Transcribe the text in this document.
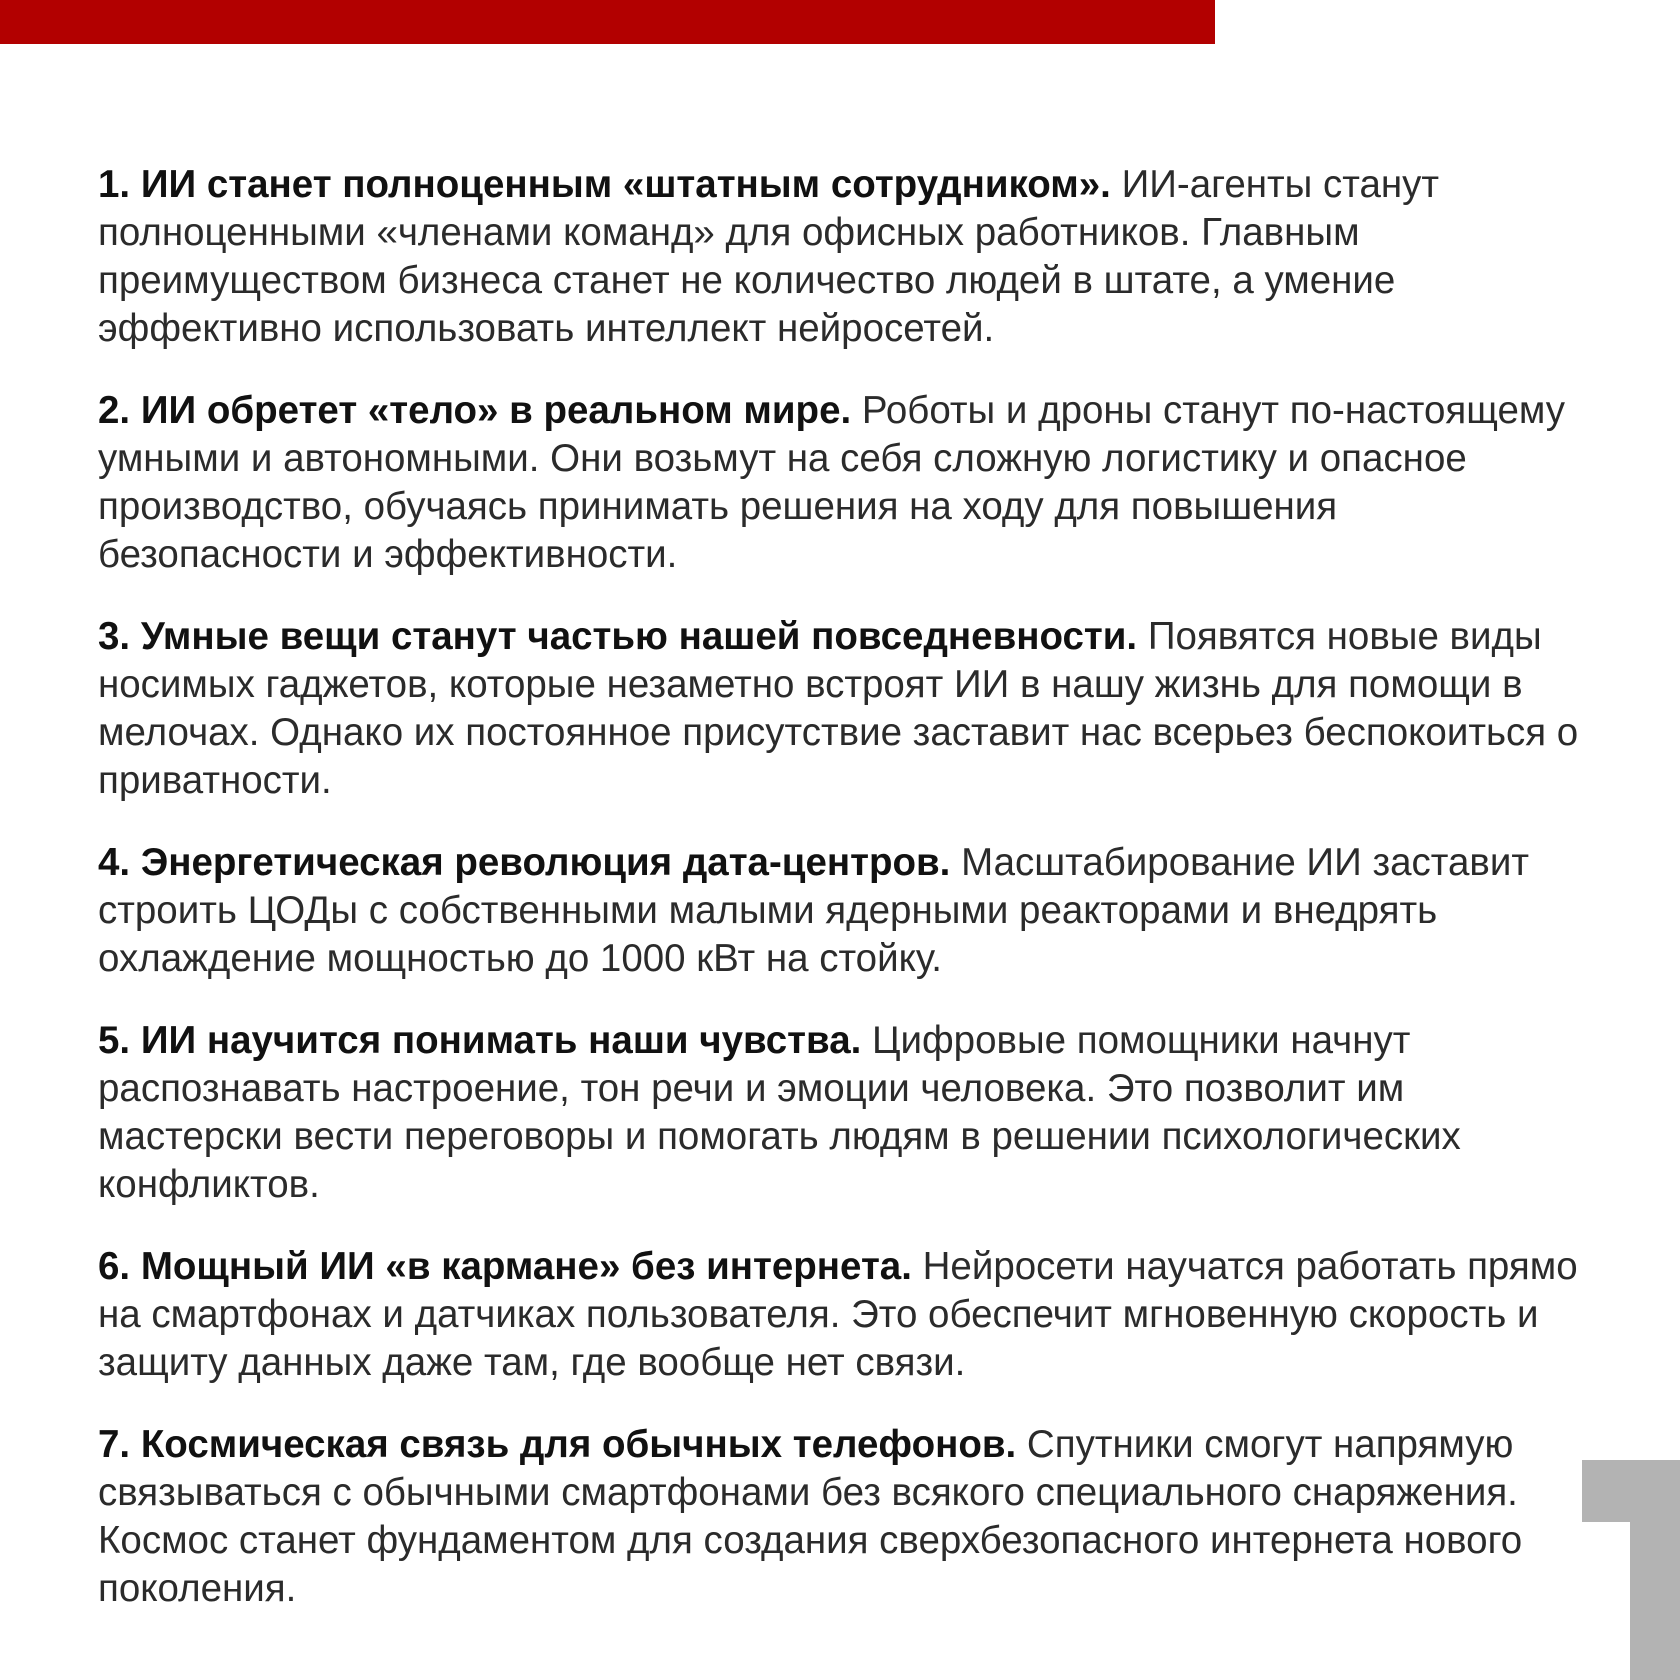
1. ИИ станет полноценным «штатным сотрудником». ИИ-агенты станут полноценными «членами команд» для офисных работников. Главным преимуществом бизнеса станет не количество людей в штате, а умение эффективно использовать интеллект нейросетей.

2. ИИ обретет «тело» в реальном мире. Роботы и дроны станут по-настоящему умными и автономными. Они возьмут на себя сложную логистику и опасное производство, обучаясь принимать решения на ходу для повышения безопасности и эффективности.

3. Умные вещи станут частью нашей повседневности. Появятся новые виды носимых гаджетов, которые незаметно встроят ИИ в нашу жизнь для помощи в мелочах. Однако их постоянное присутствие заставит нас всерьез беспокоиться о приватности.

4. Энергетическая революция дата-центров. Масштабирование ИИ заставит строить ЦОДы с собственными малыми ядерными реакторами и внедрять охлаждение мощностью до 1000 кВт на стойку.

5. ИИ научится понимать наши чувства. Цифровые помощники начнут распознавать настроение, тон речи и эмоции человека. Это позволит им мастерски вести переговоры и помогать людям в решении психологических конфликтов.

6. Мощный ИИ «в кармане» без интернета. Нейросети научатся работать прямо на смартфонах и датчиках пользователя. Это обеспечит мгновенную скорость и защиту данных даже там, где вообще нет связи.

7. Космическая связь для обычных телефонов. Спутники смогут напрямую связываться с обычными смартфонами без всякого специального снаряжения. Космос станет фундаментом для создания сверхбезопасного интернета нового поколения.
